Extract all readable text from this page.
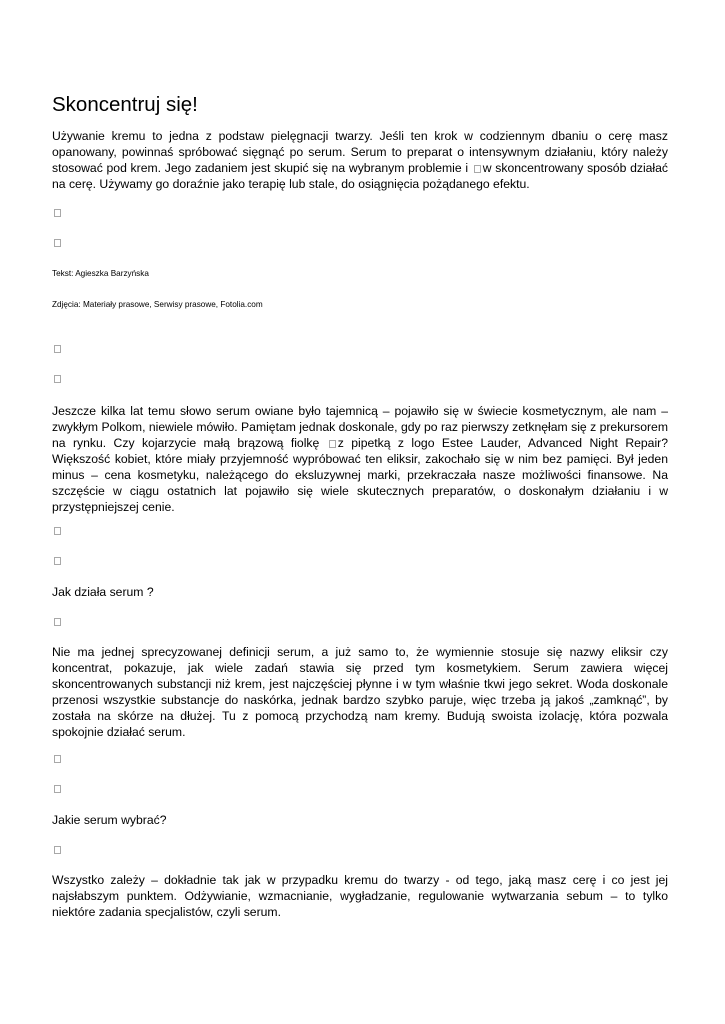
Skoncentruj się!

Używanie kremu to jedna z podstaw pielęgnacji twarzy. Jeśli ten krok w codziennym dbaniu o cerę masz opanowany, powinnaś spróbować sięgnąć po serum. Serum to preparat o intensywnym działaniu, który należy stosować pod krem. Jego zadaniem jest skupić się na wybranym problemie i w skoncentrowany sposób działać na cerę. Używamy go doraźnie jako terapię lub stale, do osiągnięcia pożądanego efektu.

Tekst: Agieszka Barzyńska

Zdjęcia: Materiały prasowe, Serwisy prasowe, Fotolia.com

Jeszcze kilka lat temu słowo serum owiane było tajemnicą – pojawiło się w świecie kosmetycznym, ale nam – zwykłym Polkom, niewiele mówiło. Pamiętam jednak doskonale, gdy po raz pierwszy zetknęłam się z prekursorem na rynku. Czy kojarzycie małą brązową fiolkę z pipetką z logo Estee Lauder, Advanced Night Repair? Większość kobiet, które miały przyjemność wypróbować ten eliksir, zakochało się w nim bez pamięci. Był jeden minus – cena kosmetyku, należącego do eksluzywnej marki, przekraczała nasze możliwości finansowe. Na szczęście w ciągu ostatnich lat pojawiło się wiele skutecznych preparatów, o doskonałym działaniu i w przystępniejszej cenie.

Jak działa serum ?

Nie ma jednej sprecyzowanej definicji serum, a już samo to, że wymiennie stosuje się nazwy eliksir czy koncentrat, pokazuje, jak wiele zadań stawia się przed tym kosmetykiem. Serum zawiera więcej skoncentrowanych substancji niż krem, jest najczęściej płynne i w tym właśnie tkwi jego sekret. Woda doskonale przenosi wszystkie substancje do naskórka, jednak bardzo szybko paruje, więc trzeba ją jakoś „zamknąć”, by została na skórze na dłużej. Tu z pomocą przychodzą nam kremy. Budują swoista izolację, która pozwala spokojnie działać serum.

Jakie serum wybrać?

Wszystko zależy – dokładnie tak jak w przypadku kremu do twarzy - od tego, jaką masz cerę i co jest jej najsłabszym punktem. Odżywianie, wzmacnianie, wygładzanie, regulowanie wytwarzania sebum – to tylko niektóre zadania specjalistów, czyli serum.
